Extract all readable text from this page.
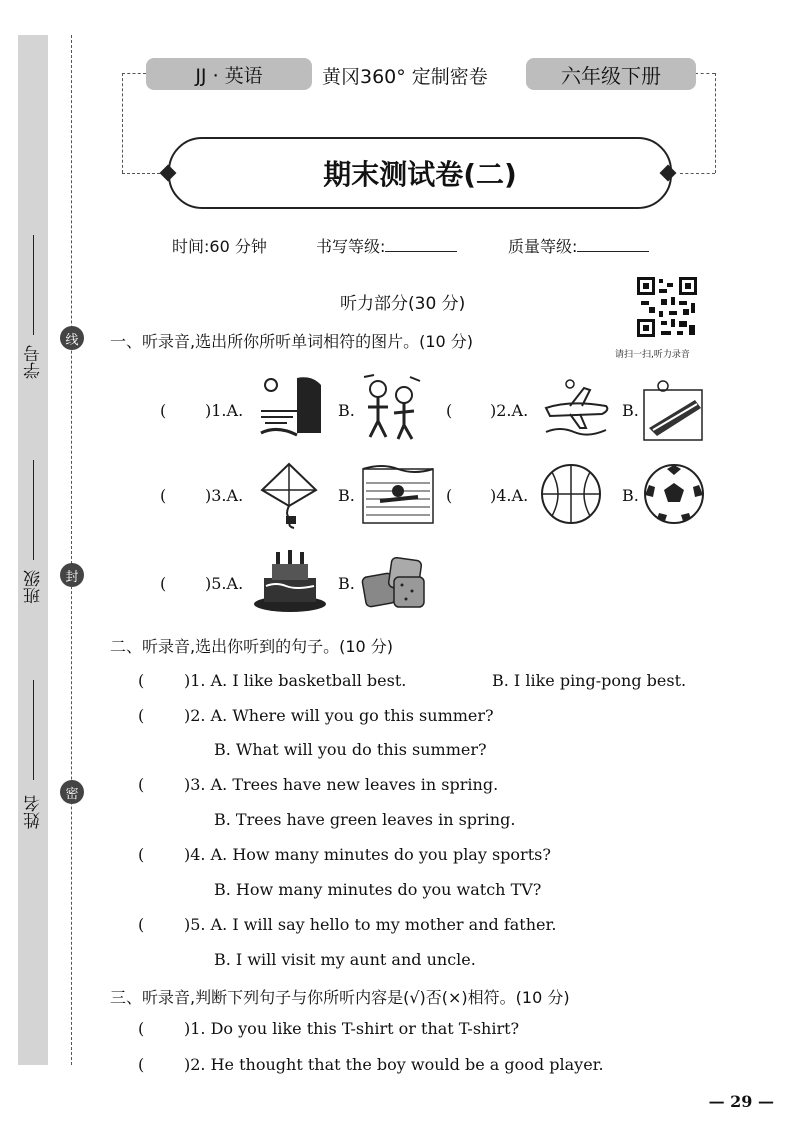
学号
班级
姓名
线
封
密
JJ · 英语	黄冈360° 定制密卷	六年级下册
期末测试卷(二)
时间:60 分钟	书写等级:	质量等级:
听力部分(30 分)
请扫一扫,听力录音
一、听录音,选出所你所听单词相符的图片。(10 分)
( )1.A.	B.	( )2.A.	B.
( )3.A.	B.	( )4.A.	B.
( )5.A.	B.
二、听录音,选出你听到的句子。(10 分)
( )1. A. I like basketball best.	B. I like ping-pong best.
( )2. A. Where will you go this summer?
B. What will you do this summer?
( )3. A. Trees have new leaves in spring.
B. Trees have green leaves in spring.
( )4. A. How many minutes do you play sports?
B. How many minutes do you watch TV?
( )5. A. I will say hello to my mother and father.
B. I will visit my aunt and uncle.
三、听录音,判断下列句子与你所听内容是(√)否(×)相符。(10 分)
( )1. Do you like this T-shirt or that T-shirt?
( )2. He thought that the boy would be a good player.
— 29 —
